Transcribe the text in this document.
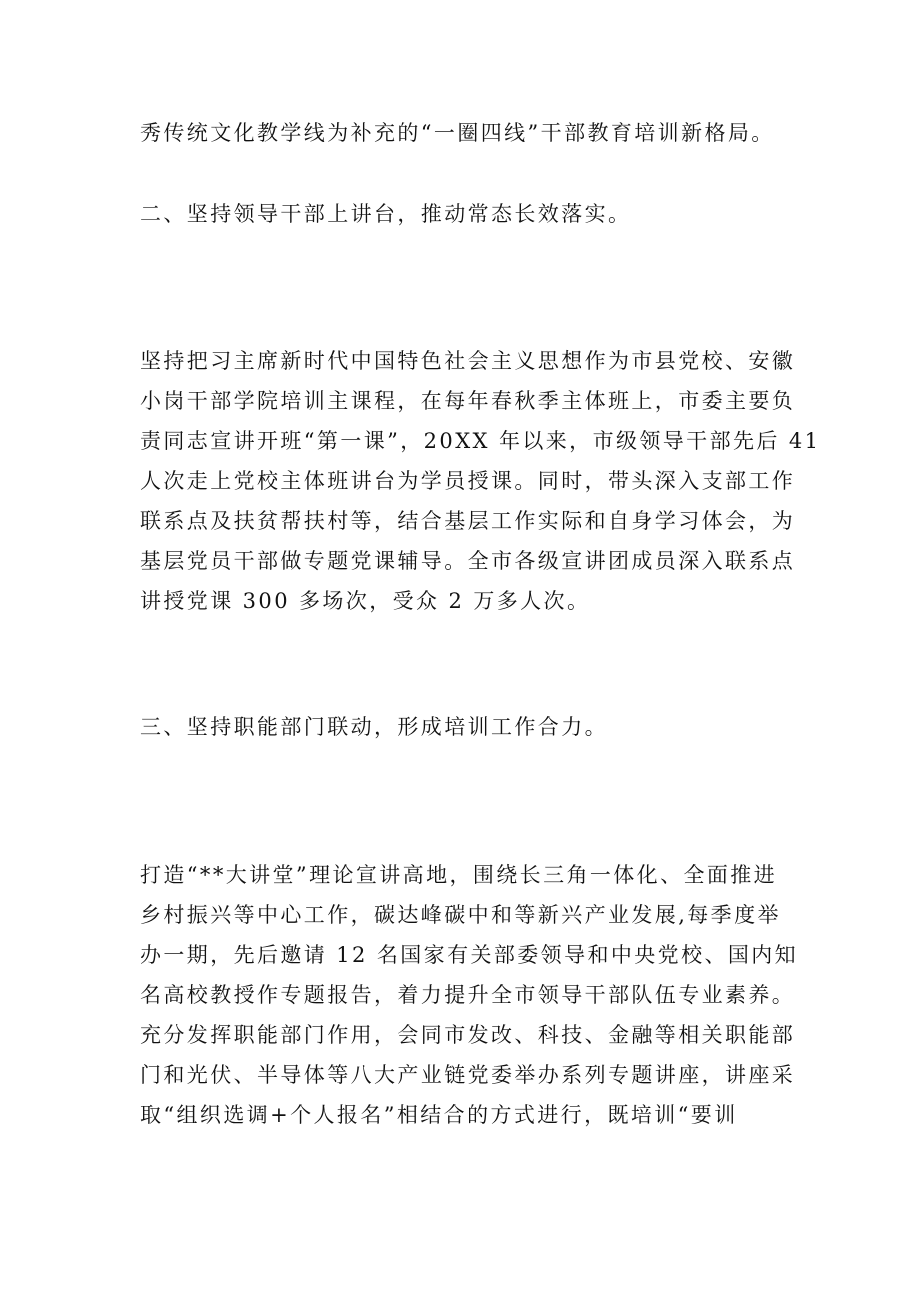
秀传统文化教学线为补充的“一圈四线”干部教育培训新格局。
二、坚持领导干部上讲台，推动常态长效落实。
坚持把习主席新时代中国特色社会主义思想作为市县党校、安徽
小岗干部学院培训主课程，在每年春秋季主体班上，市委主要负
责同志宣讲开班“第一课”，20XX 年以来，市级领导干部先后 41
人次走上党校主体班讲台为学员授课。同时，带头深入支部工作
联系点及扶贫帮扶村等，结合基层工作实际和自身学习体会，为
基层党员干部做专题党课辅导。全市各级宣讲团成员深入联系点
讲授党课 300 多场次，受众 2 万多人次。
三、坚持职能部门联动，形成培训工作合力。
打造“**大讲堂”理论宣讲高地，围绕长三角一体化、全面推进
乡村振兴等中心工作，碳达峰碳中和等新兴产业发展,每季度举
办一期，先后邀请 12 名国家有关部委领导和中央党校、国内知
名高校教授作专题报告，着力提升全市领导干部队伍专业素养。
充分发挥职能部门作用，会同市发改、科技、金融等相关职能部
门和光伏、半导体等八大产业链党委举办系列专题讲座，讲座采
取“组织选调+个人报名”相结合的方式进行，既培训“要训
